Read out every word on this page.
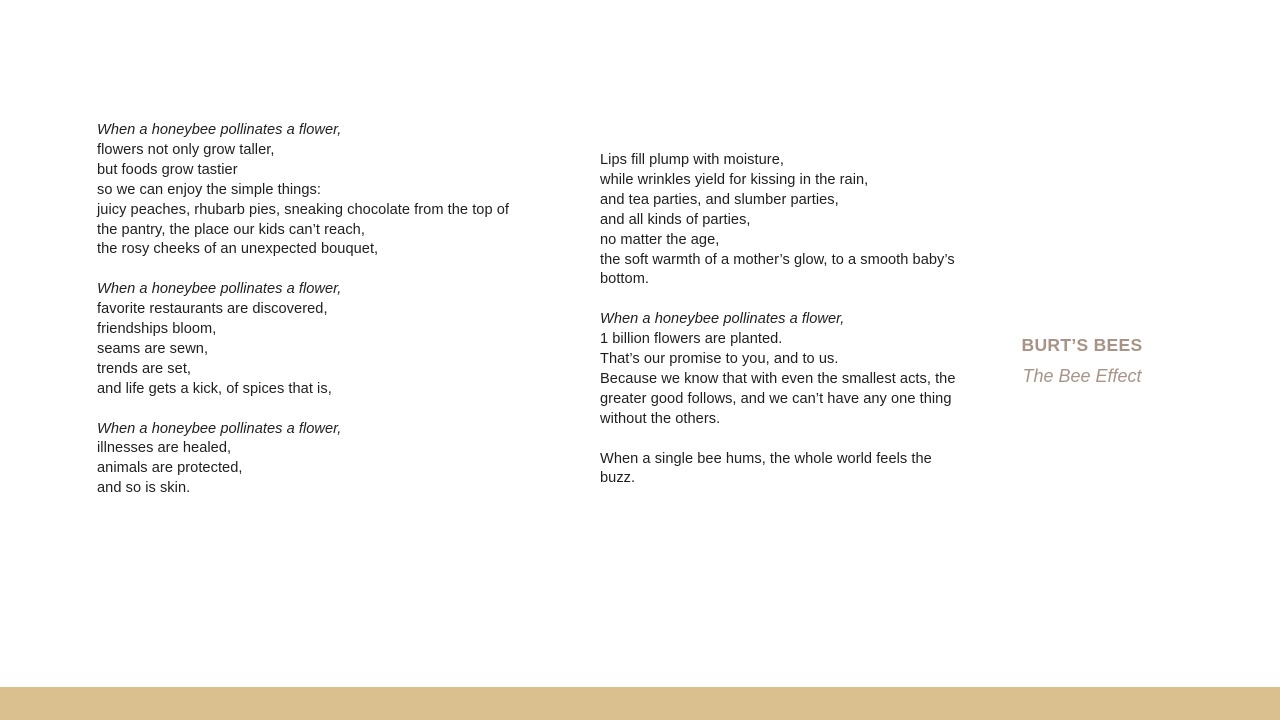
When a honeybee pollinates a flower,
flowers not only grow taller,
but foods grow tastier
so we can enjoy the simple things:
juicy peaches, rhubarb pies, sneaking chocolate from the top of the pantry, the place our kids can’t reach,
the rosy cheeks of an unexpected bouquet,
When a honeybee pollinates a flower,
favorite restaurants are discovered,
friendships bloom,
seams are sewn,
trends are set,
and life gets a kick, of spices that is,
When a honeybee pollinates a flower,
illnesses are healed,
animals are protected,
and so is skin.
Lips fill plump with moisture,
while wrinkles yield for kissing in the rain,
and tea parties, and slumber parties,
and all kinds of parties,
no matter the age,
the soft warmth of a mother’s glow, to a smooth baby’s bottom.
When a honeybee pollinates a flower,
1 billion flowers are planted.
That’s our promise to you, and to us.
Because we know that with even the smallest acts, the greater good follows, and we can’t have any one thing without the others.
When a single bee hums, the whole world feels the buzz.
BURT’S BEES
The Bee Effect
